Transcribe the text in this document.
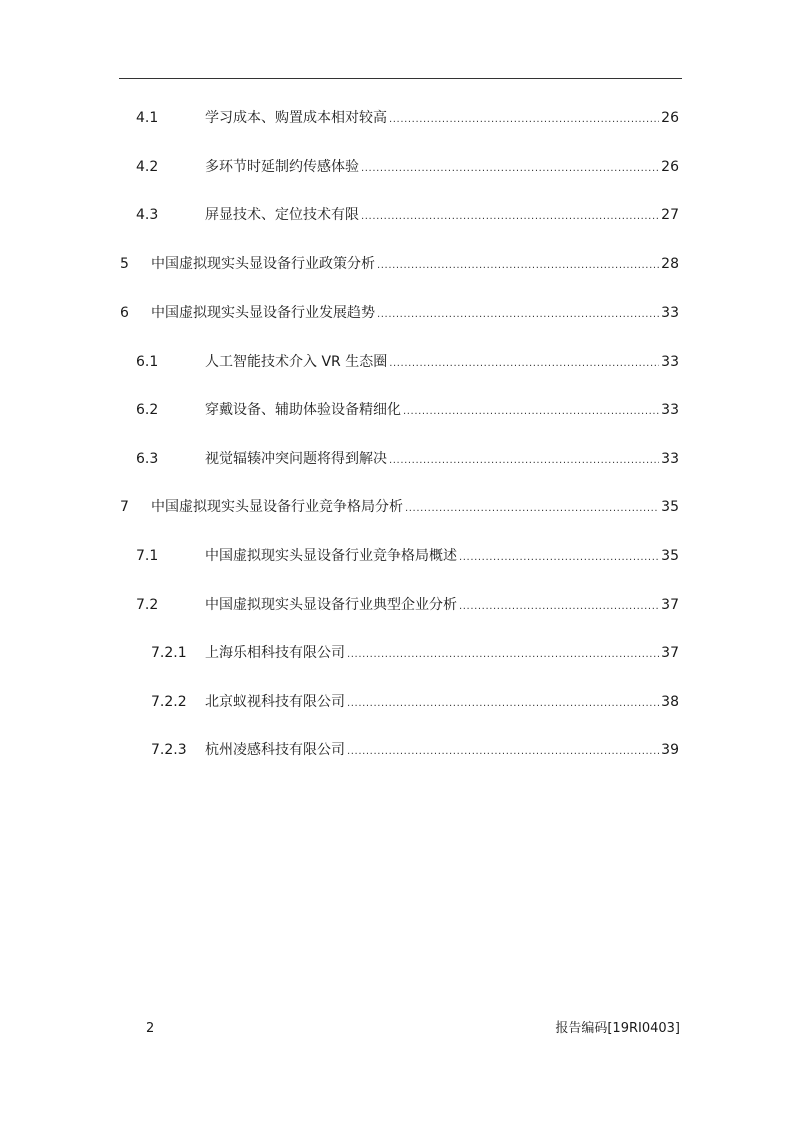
4.1	学习成本、购置成本相对较高 .....	26
4.2	多环节时延制约传感体验 .....	26
4.3	屏显技术、定位技术有限 .....	27
5 中国虚拟现实头显设备行业政策分析 .....	28
6 中国虚拟现实头显设备行业发展趋势 .....	33
6.1	人工智能技术介入 VR 生态圈 .....	33
6.2	穿戴设备、辅助体验设备精细化 .....	33
6.3	视觉辐辏冲突问题将得到解决 .....	33
7 中国虚拟现实头显设备行业竞争格局分析 .....	35
7.1	中国虚拟现实头显设备行业竞争格局概述 .....	35
7.2	中国虚拟现实头显设备行业典型企业分析 .....	37
7.2.1 上海乐相科技有限公司 .....	37
7.2.2 北京蚁视科技有限公司 .....	38
7.2.3 杭州凌感科技有限公司 .....	39
2	报告编码[19RI0403]
